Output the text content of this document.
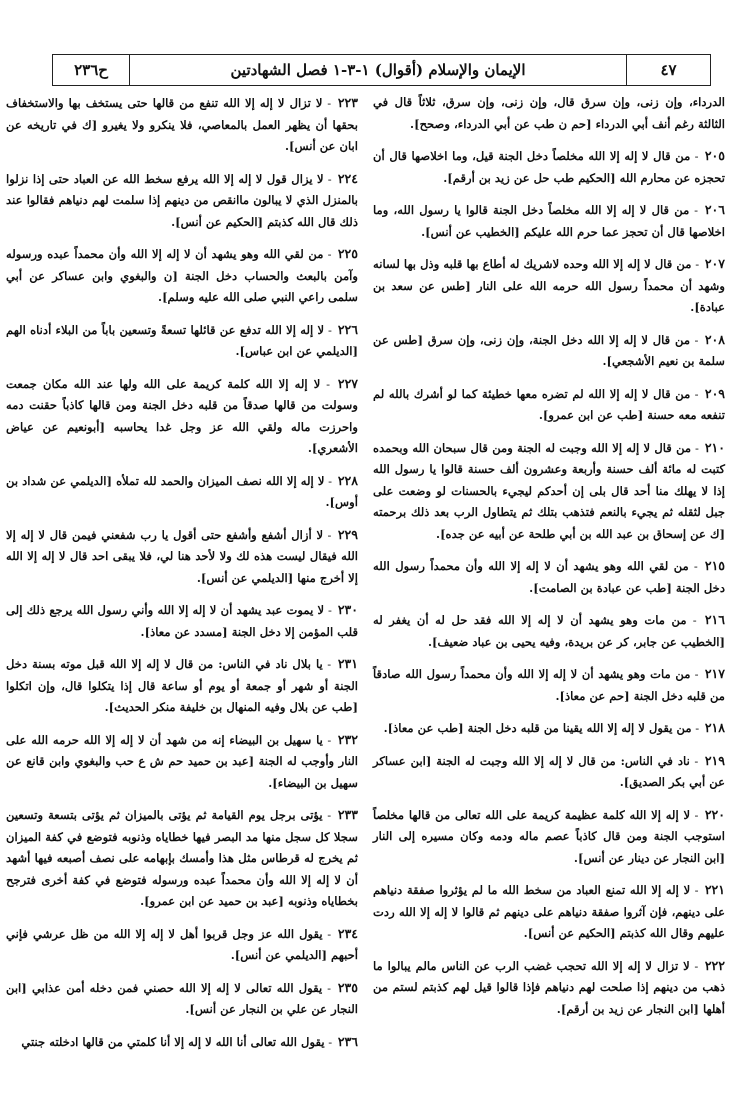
٤٧
الإيمان والإسلام (أقوال) ١-٣-١ فصل الشهادتين
ح٢٣٦

الدرداء، وإن زنى، وإن سرق قال، وإن زنى، وإن سرق، ثلاثاً قال في الثالثة رغم أنف أبي الدرداء [حم ن طب عن أبي الدرداء، وصحح].

٢٠٥ - من قال لا إله إلا الله مخلصاً دخل الجنة قيل، وما اخلاصها قال أن تحجزه عن محارم الله [الحكيم طب حل عن زيد بن أرقم].

٢٠٦ - من قال لا إله إلا الله مخلصاً دخل الجنة قالوا يا رسول الله، وما اخلاصها قال أن تحجز عما حرم الله عليكم [الخطيب عن أنس].

٢٠٧ - من قال لا إله إلا الله وحده لاشريك له أطاع بها قلبه وذل بها لسانه وشهد أن محمداً رسول الله حرمه الله على النار [طس عن سعد بن عبادة].

٢٠٨ - من قال لا إله إلا الله دخل الجنة، وإن زنى، وإن سرق [طس عن سلمة بن نعيم الأشجعي].

٢٠٩ - من قال لا إله إلا الله لم تضره معها خطيئة كما لو أشرك بالله لم تنفعه معه حسنة [طب عن ابن عمرو].

٢١٠ - من قال لا إله إلا الله وجبت له الجنة ومن قال سبحان الله وبحمده كتبت له مائة ألف حسنة وأربعة وعشرون ألف حسنة قالوا يا رسول الله إذا لا يهلك منا أحد قال بلى إن أحدكم ليجيء بالحسنات لو وضعت على جبل لثقله ثم يجيء بالنعم فتذهب بتلك ثم يتطاول الرب بعد ذلك برحمته [ك عن إسحاق بن عبد الله بن أبي طلحة عن أبيه عن جده].

٢١٥ - من لقي الله وهو يشهد أن لا إله إلا الله وأن محمداً رسول الله دخل الجنة [طب عن عبادة بن الصامت].

٢١٦ - من مات وهو يشهد أن لا إله إلا الله فقد حل له أن يغفر له [الخطيب عن جابر، كر عن بريدة، وفيه يحيى بن عباد ضعيف].

٢١٧ - من مات وهو يشهد أن لا إله إلا الله وأن محمداً رسول الله صادقاً من قلبه دخل الجنة [حم عن معاذ].

٢١٨ - من يقول لا إله إلا الله يقينا من قلبه دخل الجنة [طب عن معاذ].

٢١٩ - ناد في الناس: من قال لا إله إلا الله وجبت له الجنة [ابن عساكر عن أبي بكر الصديق].

٢٢٠ - لا إله إلا الله كلمة عظيمة كريمة على الله تعالى من قالها مخلصاً استوجب الجنة ومن قال كاذباً عصم ماله ودمه وكان مسيره إلى النار [ابن النجار عن دينار عن أنس].

٢٢١ - لا إله إلا الله تمنع العباد من سخط الله ما لم يؤثروا صفقة دنياهم على دينهم، فإن آثروا صفقة دنياهم على دينهم ثم قالوا لا إله إلا الله ردت عليهم وقال الله كذبتم [الحكيم عن أنس].

٢٢٢ - لا تزال لا إله إلا الله تحجب غضب الرب عن الناس مالم يبالوا ما ذهب من دينهم إذا صلحت لهم دنياهم فإذا قالوا قيل لهم كذبتم لستم من أهلها [ابن النجار عن زيد بن أرقم].

٢٢٣ - لا تزال لا إله إلا الله تنفع من قالها حتى يستخف بها والاستخفاف بحقها أن يظهر العمل بالمعاصي، فلا ينكرو ولا يغيرو [ك في تاريخه عن ابان عن أنس].

٢٢٤ - لا يزال قول لا إله إلا الله يرفع سخط الله عن العباد حتى إذا نزلوا بالمنزل الذي لا يبالون ماانقص من دينهم إذا سلمت لهم دنياهم فقالوا عند ذلك قال الله كذبتم [الحكيم عن أنس].

٢٢٥ - من لقي الله وهو يشهد أن لا إله إلا الله وأن محمداً عبده ورسوله وآمن بالبعث والحساب دخل الجنة [ن والبغوي وابن عساكر عن أبي سلمى راعي النبي صلى الله عليه وسلم].

٢٢٦ - لا إله إلا الله تدفع عن قائلها تسعةً وتسعين باباً من البلاء أدناه الهم [الديلمي عن ابن عباس].

٢٢٧ - لا إله إلا الله كلمة كريمة على الله ولها عند الله مكان جمعت وسولت من قالها صدقاً من قلبه دخل الجنة ومن قالها كاذباً حقنت دمه واحرزت ماله ولقي الله عز وجل غدا يحاسبه [أبونعيم عن عياض الأشعري].

٢٢٨ - لا إله إلا الله نصف الميزان والحمد لله تملأه [الديلمي عن شداد بن أوس].

٢٢٩ - لا أزال أشفع وأشفع حتى أقول يا رب شفعني فيمن قال لا إله إلا الله فيقال ليست هذه لك ولا لأحد هنا لي، فلا يبقى احد قال لا إله إلا الله إلا أخرج منها [الديلمي عن أنس].

٢٣٠ - لا يموت عبد يشهد أن لا إله إلا الله وأني رسول الله يرجع ذلك إلى قلب المؤمن إلا دخل الجنة [مسدد عن معاذ].

٢٣١ - يا بلال ناد في الناس: من قال لا إله إلا الله قبل موته بسنة دخل الجنة أو شهر أو جمعة أو يوم أو ساعة قال إذا يتكلوا قال، وإن اتكلوا [طب عن بلال وفيه المنهال بن خليفة منكر الحديث].

٢٣٢ - يا سهيل بن البيضاء إنه من شهد أن لا إله إلا الله حرمه الله على النار وأوجب له الجنة [عبد بن حميد حم ش ع حب والبغوي وابن قانع عن سهيل بن البيضاء].

٢٣٣ - يؤتى برجل يوم القيامة ثم يؤتى بالميزان ثم يؤتى بتسعة وتسعين سجلا كل سجل منها مد البصر فيها خطاياه وذنوبه فتوضع في كفة الميزان ثم يخرج له قرطاس مثل هذا وأمسك بإبهامه على نصف أصبعه فيها أشهد أن لا إله إلا الله وأن محمداً عبده ورسوله فتوضع في كفة أخرى فترجح بخطاياه وذنوبه [عبد بن حميد عن ابن عمرو].

٢٣٤ - يقول الله عز وجل قربوا أهل لا إله إلا الله من ظل عرشي فإني أحبهم [الديلمي عن أنس].

٢٣٥ - يقول الله تعالى لا إله إلا الله حصني فمن دخله أمن عذابي [ابن النجار عن علي بن النجار عن أنس].

٢٣٦ - يقول الله تعالى أنا الله لا إله إلا أنا كلمتي من قالها ادخلته جنتي
